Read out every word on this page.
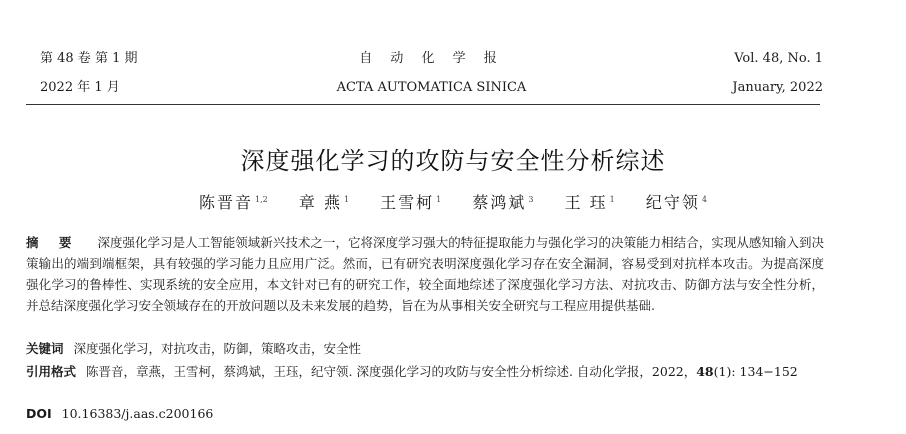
第 48 卷 第 1 期
2022 年 1 月
自 动 化 学 报
ACTA AUTOMATICA SINICA
Vol. 48, No. 1
January, 2022
深度强化学习的攻防与安全性分析综述
陈晋音 $^{1,2}$ 章 燕 $^1$ 王雪柯 $^1$ 蔡鸿斌 $^3$ 王 珏 $^1$ 纪守领 $^4$
摘 要 深度强化学习是人工智能领域新兴技术之一，它将深度学习强大的特征提取能力与强化学习的决策能力相结合，实现从感知输入到决策输出的端到端框架，具有较强的学习能力且应用广泛。然而，已有研究表明深度强化学习存在安全漏洞，容易受到对抗样本攻击。为提高深度强化学习的鲁棒性、实现系统的安全应用，本文针对已有的研究工作，较全面地综述了深度强化学习方法、对抗攻击、防御方法与安全性分析，并总结深度强化学习安全领域存在的开放问题以及未来发展的趋势，旨在为从事相关安全研究与工程应用提供基础.
关键词 深度强化学习，对抗攻击，防御，策略攻击，安全性
引用格式 陈晋音，章燕，王雪柯，蔡鸿斌，王珏，纪守领. 深度强化学习的攻防与安全性分析综述. 自动化学报，2022，48(1): 134−152
DOI 10.16383/j.aas.c200166
